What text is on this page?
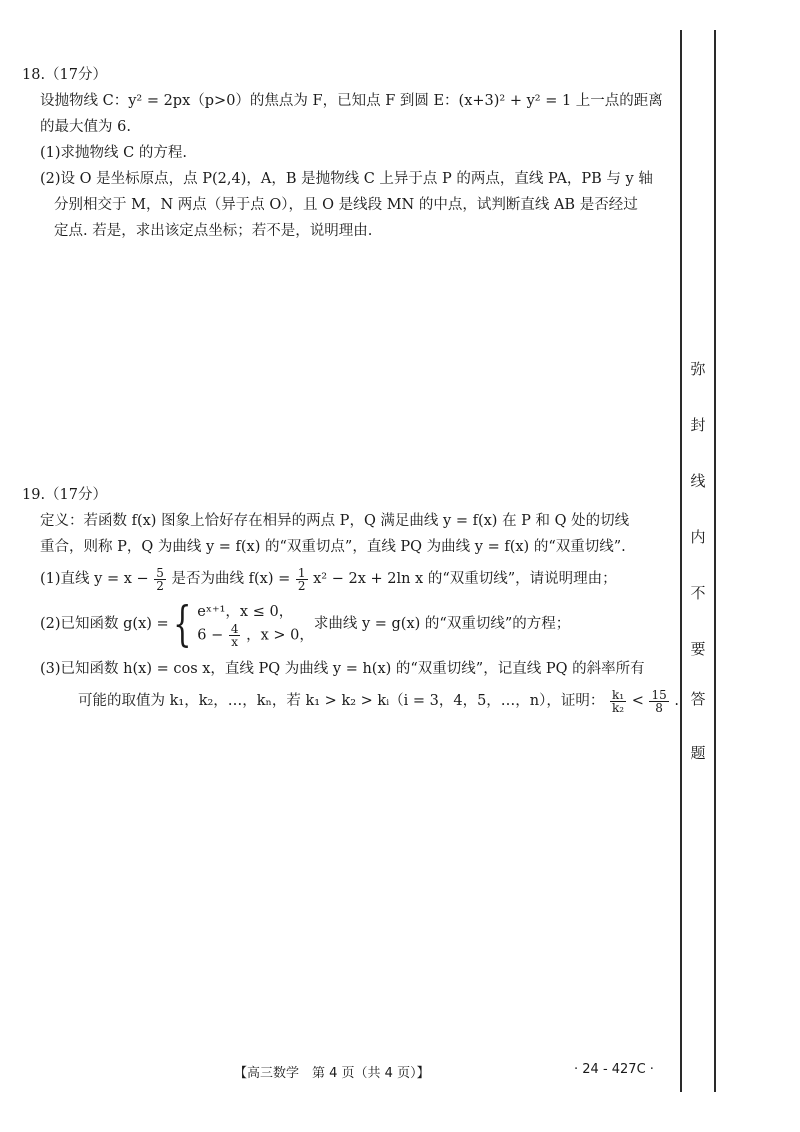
18.（17分）
设抛物线 C：y² = 2px（p>0）的焦点为 F，已知点 F 到圆 E：(x+3)² + y² = 1 上一点的距离
的最大值为 6.
(1)求抛物线 C 的方程.
(2)设 O 是坐标原点，点 P(2,4)，A，B 是抛物线 C 上异于点 P 的两点，直线 PA，PB 与 y 轴
分别相交于 M，N 两点（异于点 O），且 O 是线段 MN 的中点，试判断直线 AB 是否经过
定点. 若是，求出该定点坐标；若不是，说明理由.
19.（17分）
定义：若函数 f(x) 图象上恰好存在相异的两点 P，Q 满足曲线 y = f(x) 在 P 和 Q 处的切线
重合，则称 P，Q 为曲线 y = f(x) 的“双重切点”，直线 PQ 为曲线 y = f(x) 的“双重切线”.
(1)直线 $y = x - \frac{5}{2}$ 是否为曲线 $f(x) = \frac{1}{2} x^2 - 2x + 2\ln$ x 的“双重切线”，请说明理由；
(2)已知函数 g(x) = { eˣ⁺¹，x ≤ 0，
$6 - \frac{4}{x}$ ，x > 0，
求曲线 y = g(x) 的“双重切线”的方程；
(3)已知函数 h(x) = cos x，直线 PQ 为曲线 y = h(x) 的“双重切线”，记直线 PQ 的斜率所有
可能的取值为 k₁，k₂，…，kₙ，若 k₁ > k₂ > kᵢ（i = 3，4，5，…，n），证明： $\frac{\text{k₁}}{\text{k₂}} < \frac{15}{8}$ .
弥
封
线
内
不
要
答
题
【高三数学　第 4 页（共 4 页）】	· 24 - 427C ·
